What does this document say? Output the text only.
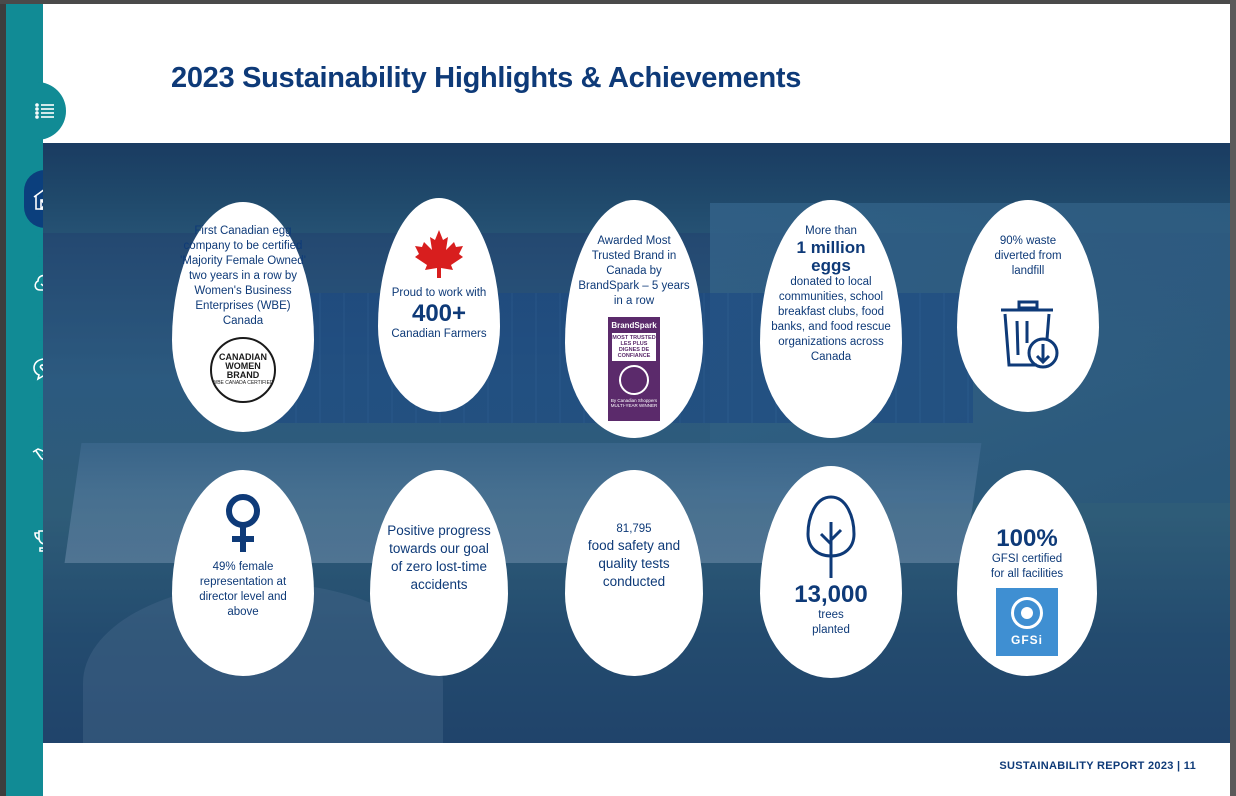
2023 Sustainability Highlights & Achievements
First Canadian egg company to be certified 'Majority Female Owned' two years in a row by Women's Business Enterprises (WBE) Canada
CANADIAN
WOMEN
BRAND
WBE CANADA CERTIFIED
Proud to work with
400+
Canadian Farmers
Awarded Most Trusted Brand in Canada by BrandSpark – 5 years in a row
BrandSpark
MOST TRUSTED LES PLUS DIGNES DE CONFIANCE
By Canadian Shoppers MULTI-YEAR WINNER
More than
1 million
eggs
donated to local communities, school breakfast clubs, food banks, and food rescue organizations across Canada
90% waste diverted from landfill
49% female representation at director level and above
Positive progress towards our goal of zero lost-time accidents
81,795
food safety and quality tests conducted	13,000
trees planted
100%
GFSI certified for all facilities
GFSi
SUSTAINABILITY REPORT 2023 | 11
